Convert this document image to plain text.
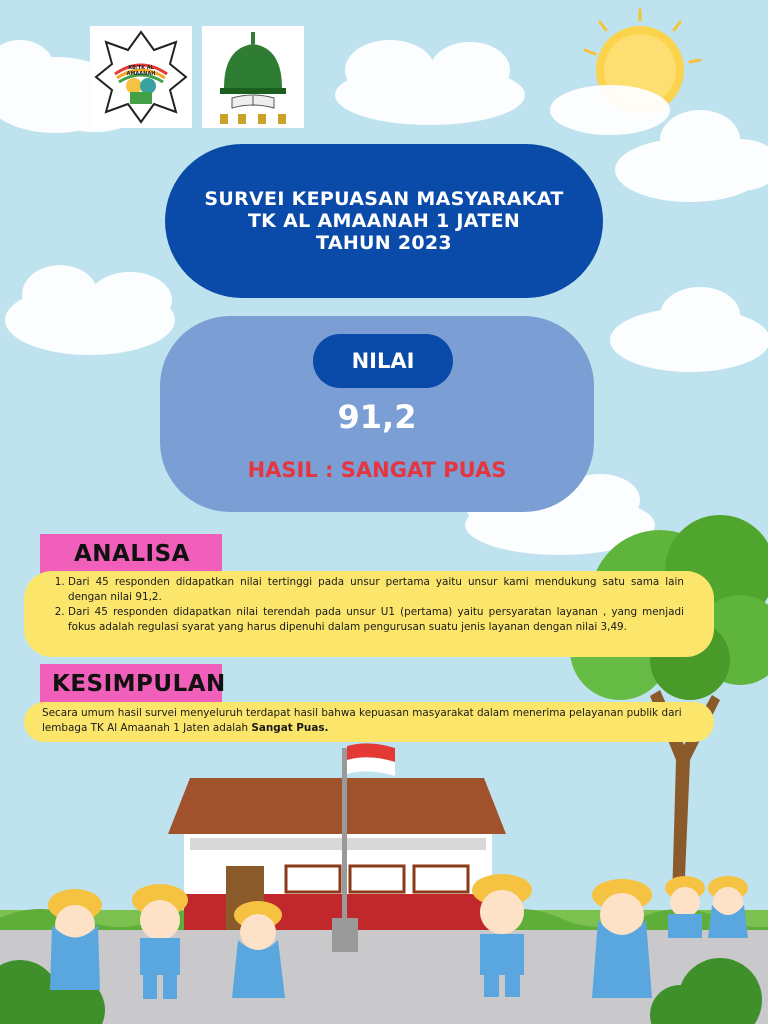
KB/TK AL AMAANAH
SURVEI KEPUASAN MASYARAKAT
TK AL AMAANAH 1 JATEN
TAHUN 2023
NILAI
91,2
HASIL : SANGAT PUAS
ANALISA
1. Dari 45 responden didapatkan nilai tertinggi pada unsur pertama yaitu unsur kami mendukung satu sama lain dengan nilai 91,2.
2. Dari 45 responden didapatkan nilai terendah pada unsur U1 (pertama) yaitu persyaratan layanan , yang menjadi fokus adalah regulasi syarat yang harus dipenuhi dalam pengurusan suatu jenis layanan dengan nilai 3,49.
KESIMPULAN
Secara umum hasil survei menyeluruh terdapat hasil bahwa kepuasan masyarakat dalam menerima pelayanan publik dari lembaga TK Al Amaanah 1 Jaten adalah Sangat Puas.
